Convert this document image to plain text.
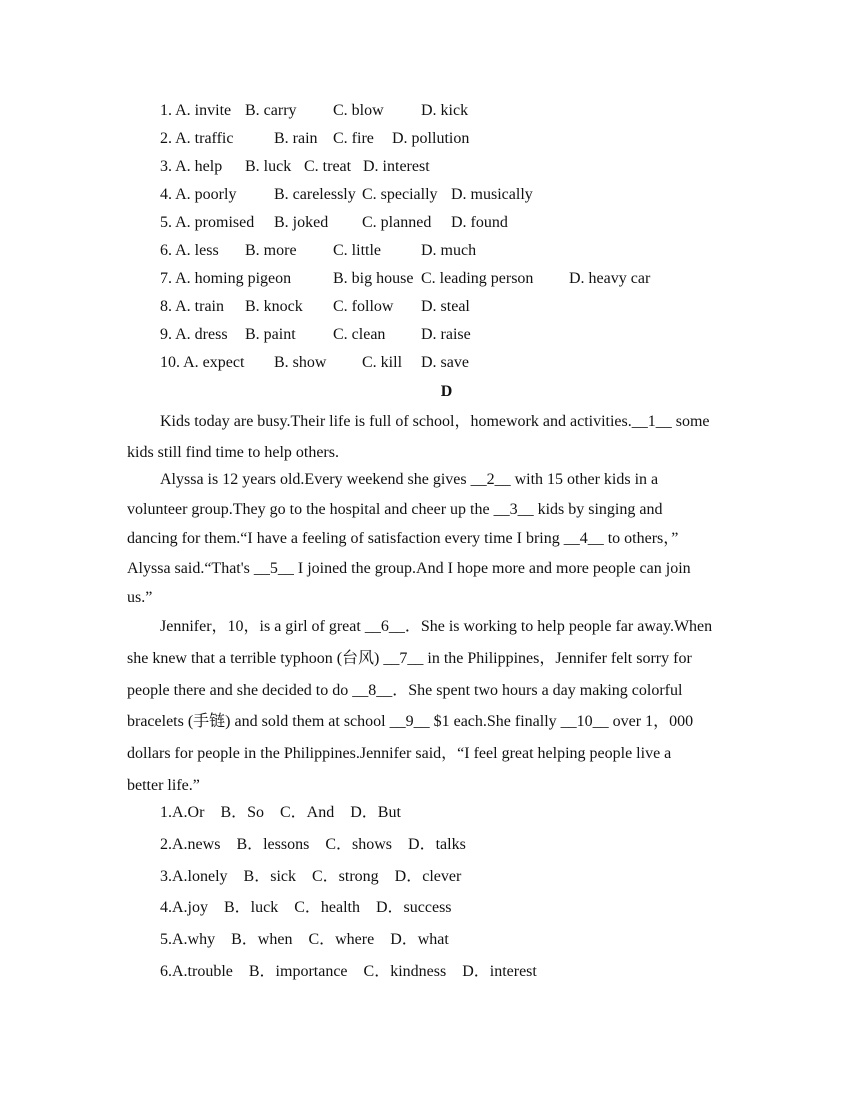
1. A. invite B. carry C. blow D. kick
2. A. traffic	B. rain C. fire D. pollution
3. A. help B. luck C. treat D. interest
4. A. poorly B. carelessly C. specially D. musically
5. A. promised B. joked C. planned D. found
6. A. less B. more C. little	D. much
7. A. homing pigeon	B. big house C. leading person D. heavy car
8. A. train B. knock C. follow D. steal
9. A. dress B. paint C. clean D. raise
10. A. expect B. show C. kill D. save
D

Kids today are busy.Their life is full of school，homework and activities.__1__ some
kids still find time to help others.

Alyssa is 12 years old.Every weekend she gives __2__ with 15 other kids in a
volunteer group.They go to the hospital and cheer up the __3__ kids by singing and
dancing for them.“I have a feeling of satisfaction every time I bring __4__ to others，”
Alyssa said.“That's __5__ I joined the group.And I hope more and more people can join
us.”

Jennifer，10，is a girl of great __6__．She is working to help people far away.When
she knew that a terrible typhoon (台风) __7__ in the Philippines，Jennifer felt sorry for
people there and she decided to do __8__．She spent two hours a day making colorful
bracelets (手链) and sold them at school __9__ $1 each.She finally __10__ over 1，000
dollars for people in the Philippines.Jennifer said，“I feel great helping people live a
better life.”

1.A.Or　B．So　C．And　D．But
2.A.news　B．lessons　C．shows　D．talks
3.A.lonely　B．sick　C．strong　D．clever
4.A.joy　B．luck　C．health　D．success
5.A.why　B．when　C．where　D．what
6.A.trouble　B．importance　C．kindness　D．interest
